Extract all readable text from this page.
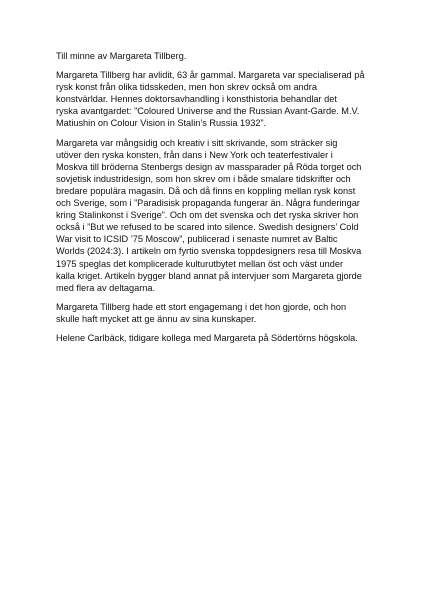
Till minne av Margareta Tillberg.

Margareta Tillberg har avlidit, 63 år gammal. Margareta var specialiserad på
rysk konst från olika tidsskeden, men hon skrev också om andra
konstvärldar. Hennes doktorsavhandling i konsthistoria behandlar det
ryska avantgardet: ”Coloured Universe and the Russian Avant-Garde. M.V.
Matiushin on Colour Vision in Stalin’s Russia 1932”.

Margareta var mångsidig och kreativ i sitt skrivande, som sträcker sig
utöver den ryska konsten, från dans i New York och teaterfestivaler i
Moskva till bröderna Stenbergs design av massparader på Röda torget och
sovjetisk industridesign, som hon skrev om i både smalare tidskrifter och
bredare populära magasin. Då och då finns en koppling mellan rysk konst
och Sverige, som i ”Paradisisk propaganda fungerar än. Några funderingar
kring Stalinkonst i Sverige”. Och om det svenska och det ryska skriver hon
också i ”But we refused to be scared into silence. Swedish designers’ Cold
War visit to ICSID ’75 Moscow”, publicerad i senaste numret av Baltic
Worlds (2024:3). I artikeln om fyrtio svenska toppdesigners resa till Moskva
1975 speglas det komplicerade kulturutbytet mellan öst och väst under
kalla kriget. Artikeln bygger bland annat på intervjuer som Margareta gjorde
med flera av deltagarna.

Margareta Tillberg hade ett stort engagemang i det hon gjorde, och hon
skulle haft mycket att ge ännu av sina kunskaper.

Helene Carlbäck, tidigare kollega med Margareta på Södertörns högskola.
